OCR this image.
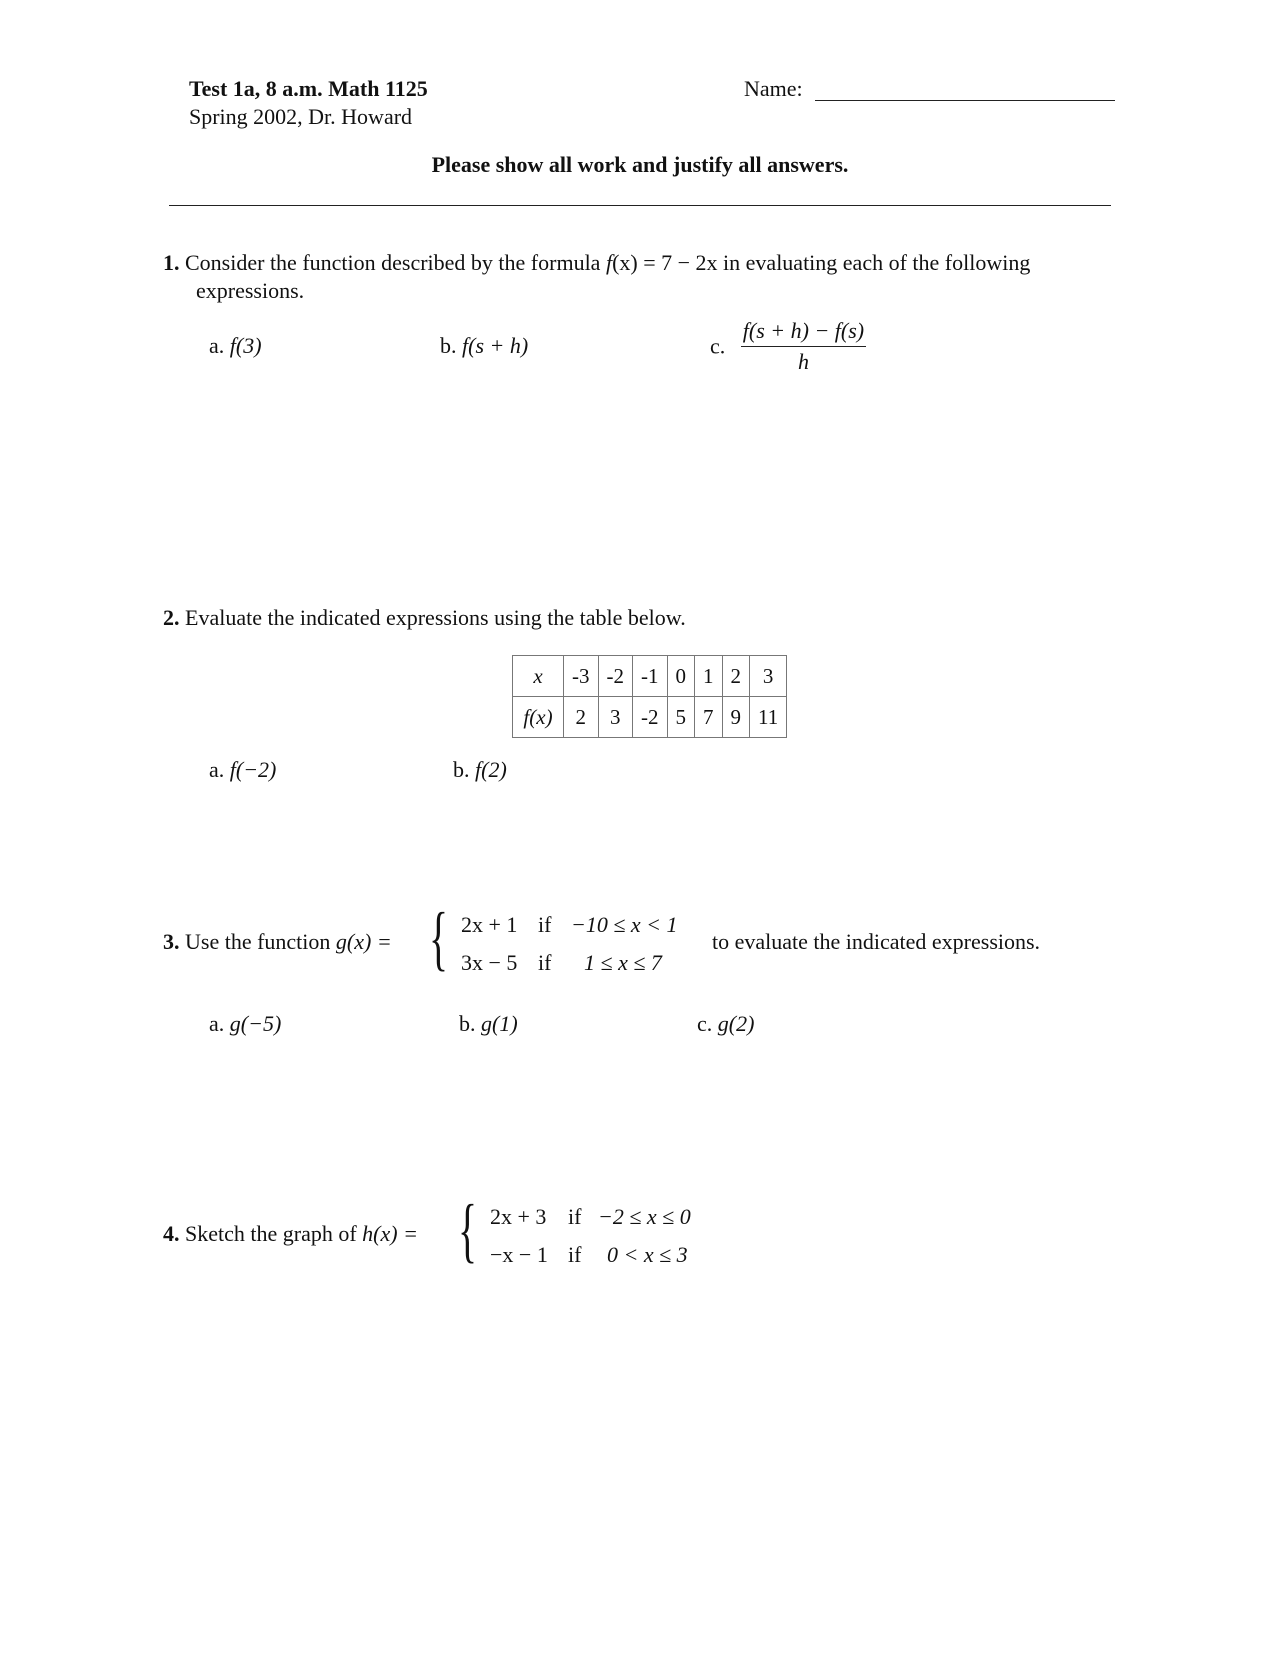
Test 1a, 8 a.m. Math 1125
Spring 2002, Dr. Howard
Name:
Please show all work and justify all answers.
1. Consider the function described by the formula f(x) = 7 − 2x in evaluating each of the following
expressions.
a. f(3)	b. f(s + h)	c. $\frac{f(s + h) - f(s)}{h}$
2. Evaluate the indicated expressions using the table below.
x	-3	-2	-1	0	1	2	3
f(x)	2	3	-2	5	7	9	11
a. f(−2)	b. f(2)
3. Use the function g(x) = { 2x + 1 if −10 ≤ x < 1
3x − 5 if 1 ≤ x ≤ 7
to evaluate the indicated expressions.
a. g(−5)	b. g(1)	c. g(2)
4. Sketch the graph of h(x) = { 2x + 3 if −2 ≤ x ≤ 0
−x − 1 if 0 < x ≤ 3
